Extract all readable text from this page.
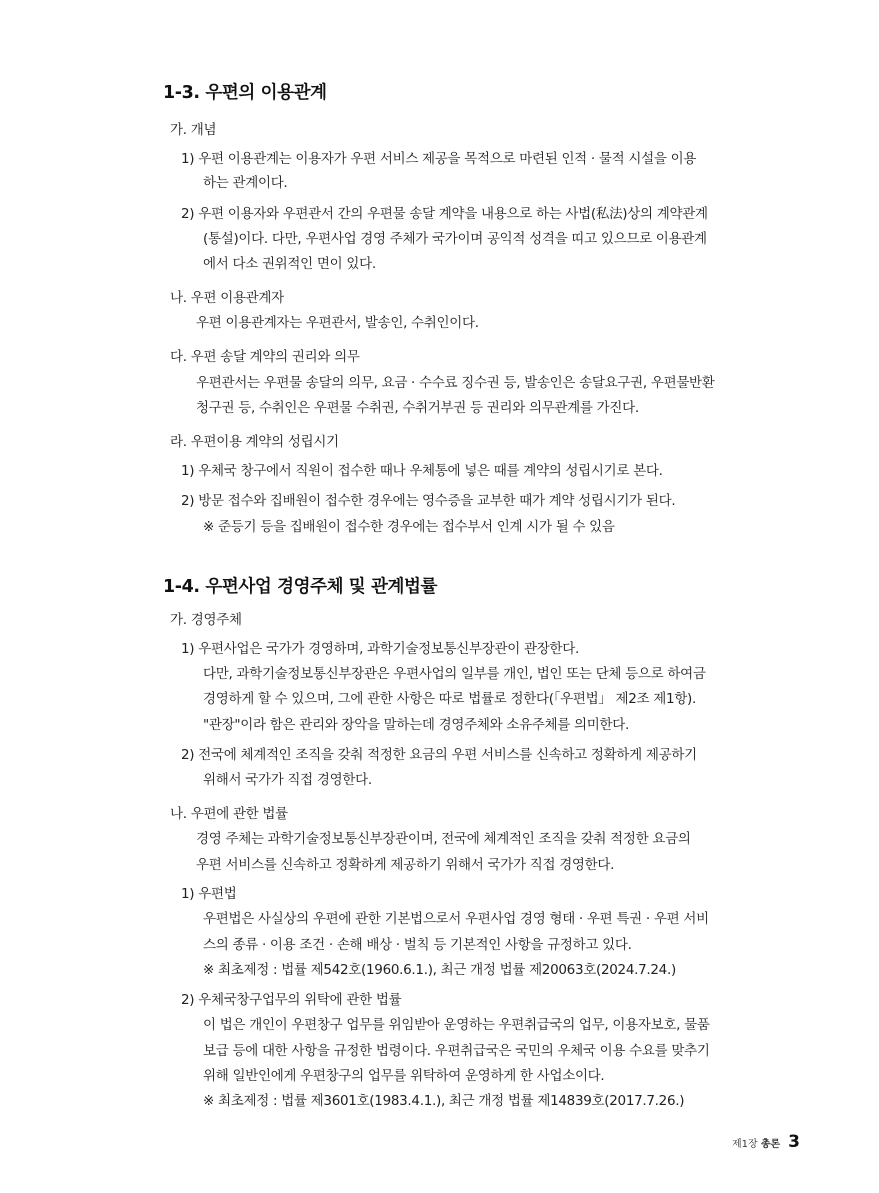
1-3. 우편의 이용관계

가. 개념

1) 우편 이용관계는 이용자가 우편 서비스 제공을 목적으로 마련된 인적 · 물적 시설을 이용

하는 관계이다.

2) 우편 이용자와 우편관서 간의 우편물 송달 계약을 내용으로 하는 사법(私法)상의 계약관계

(통설)이다. 다만, 우편사업 경영 주체가 국가이며 공익적 성격을 띠고 있으므로 이용관계

에서 다소 권위적인 면이 있다.

나. 우편 이용관계자

우편 이용관계자는 우편관서, 발송인, 수취인이다.

다. 우편 송달 계약의 권리와 의무

우편관서는 우편물 송달의 의무, 요금 · 수수료 징수권 등, 발송인은 송달요구권, 우편물반환

청구권 등, 수취인은 우편물 수취권, 수취거부권 등 권리와 의무관계를 가진다.

라. 우편이용 계약의 성립시기

1) 우체국 창구에서 직원이 접수한 때나 우체통에 넣은 때를 계약의 성립시기로 본다.

2) 방문 접수와 집배원이 접수한 경우에는 영수증을 교부한 때가 계약 성립시기가 된다.

※ 준등기 등을 집배원이 접수한 경우에는 접수부서 인계 시가 될 수 있음

1-4. 우편사업 경영주체 및 관계법률

가. 경영주체

1) 우편사업은 국가가 경영하며, 과학기술정보통신부장관이 관장한다.

다만, 과학기술정보통신부장관은 우편사업의 일부를 개인, 법인 또는 단체 등으로 하여금

경영하게 할 수 있으며, 그에 관한 사항은 따로 법률로 정한다(「우편법」 제2조 제1항).

"관장"이라 함은 관리와 장악을 말하는데 경영주체와 소유주체를 의미한다.

2) 전국에 체계적인 조직을 갖춰 적정한 요금의 우편 서비스를 신속하고 정확하게 제공하기

위해서 국가가 직접 경영한다.

나. 우편에 관한 법률

경영 주체는 과학기술정보통신부장관이며, 전국에 체계적인 조직을 갖춰 적정한 요금의

우편 서비스를 신속하고 정확하게 제공하기 위해서 국가가 직접 경영한다.

1) 우편법

우편법은 사실상의 우편에 관한 기본법으로서 우편사업 경영 형태 · 우편 특권 · 우편 서비

스의 종류 · 이용 조건 · 손해 배상 · 벌칙 등 기본적인 사항을 규정하고 있다.

※ 최초제정 : 법률 제542호(1960.6.1.), 최근 개정 법률 제20063호(2024.7.24.)

2) 우체국창구업무의 위탁에 관한 법률

이 법은 개인이 우편창구 업무를 위임받아 운영하는 우편취급국의 업무, 이용자보호, 물품

보급 등에 대한 사항을 규정한 법령이다. 우편취급국은 국민의 우체국 이용 수요를 맞추기

위해 일반인에게 우편창구의 업무를 위탁하여 운영하게 한 사업소이다.

※ 최초제정 : 법률 제3601호(1983.4.1.), 최근 개정 법률 제14839호(2017.7.26.)

제1장 총론 3
